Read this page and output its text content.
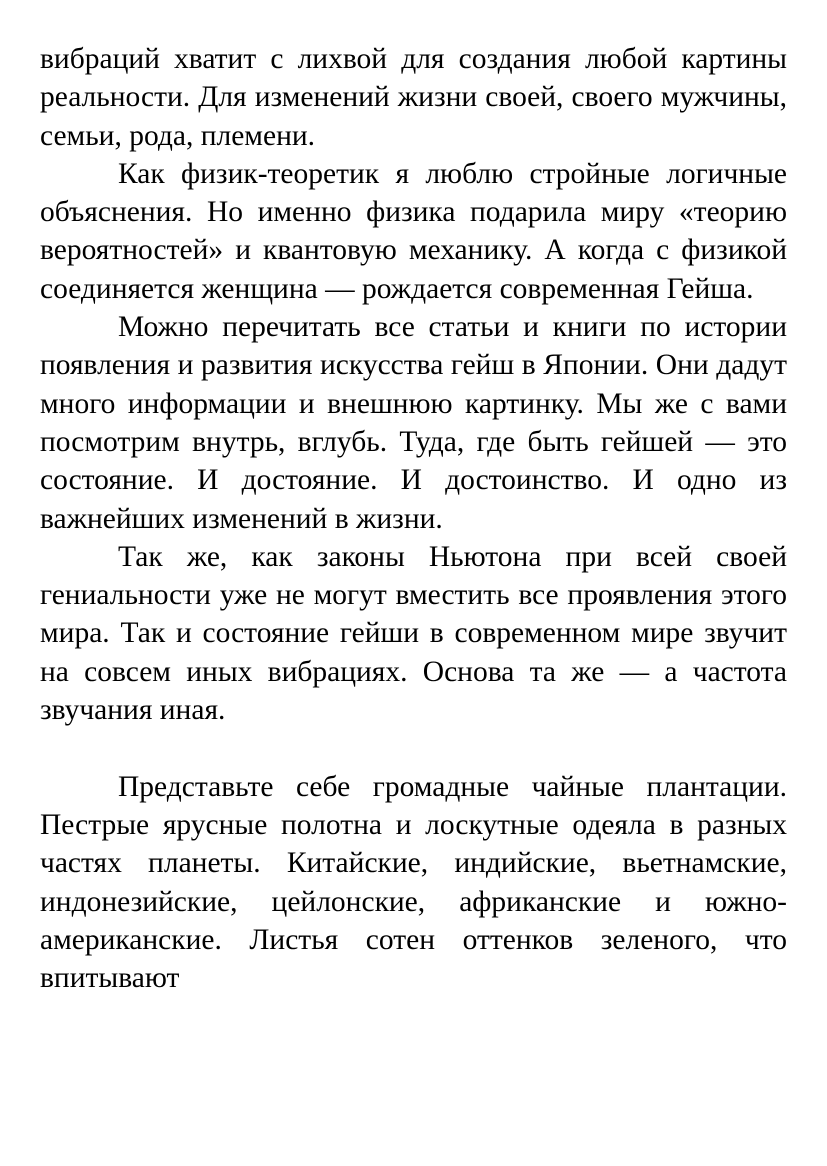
вибраций хватит с лихвой для создания любой картины реальности. Для изменений жизни своей, своего мужчины, семьи, рода, племени.

Как физик-теоретик я люблю стройные логичные объяснения. Но именно физика подарила миру «теорию вероятностей» и квантовую механику. А когда с физикой соединяется женщина — рождается современная Гейша.

Можно перечитать все статьи и книги по истории появления и развития искусства гейш в Японии. Они дадут много информации и внешнюю картинку. Мы же с вами посмотрим внутрь, вглубь. Туда, где быть гейшей — это состояние. И достояние. И достоинство. И одно из важнейших изменений в жизни.

Так же, как законы Ньютона при всей своей гениальности уже не могут вместить все проявления этого мира. Так и состояние гейши в современном мире звучит на совсем иных вибрациях. Основа та же — а частота звучания иная.

Представьте себе громадные чайные плантации. Пестрые ярусные полотна и лоскутные одеяла в разных частях планеты. Китайские, индийские, вьетнамские, индонезийские, цейлонские, африканские и южно-американские. Листья сотен оттенков зеленого, что впитывают
